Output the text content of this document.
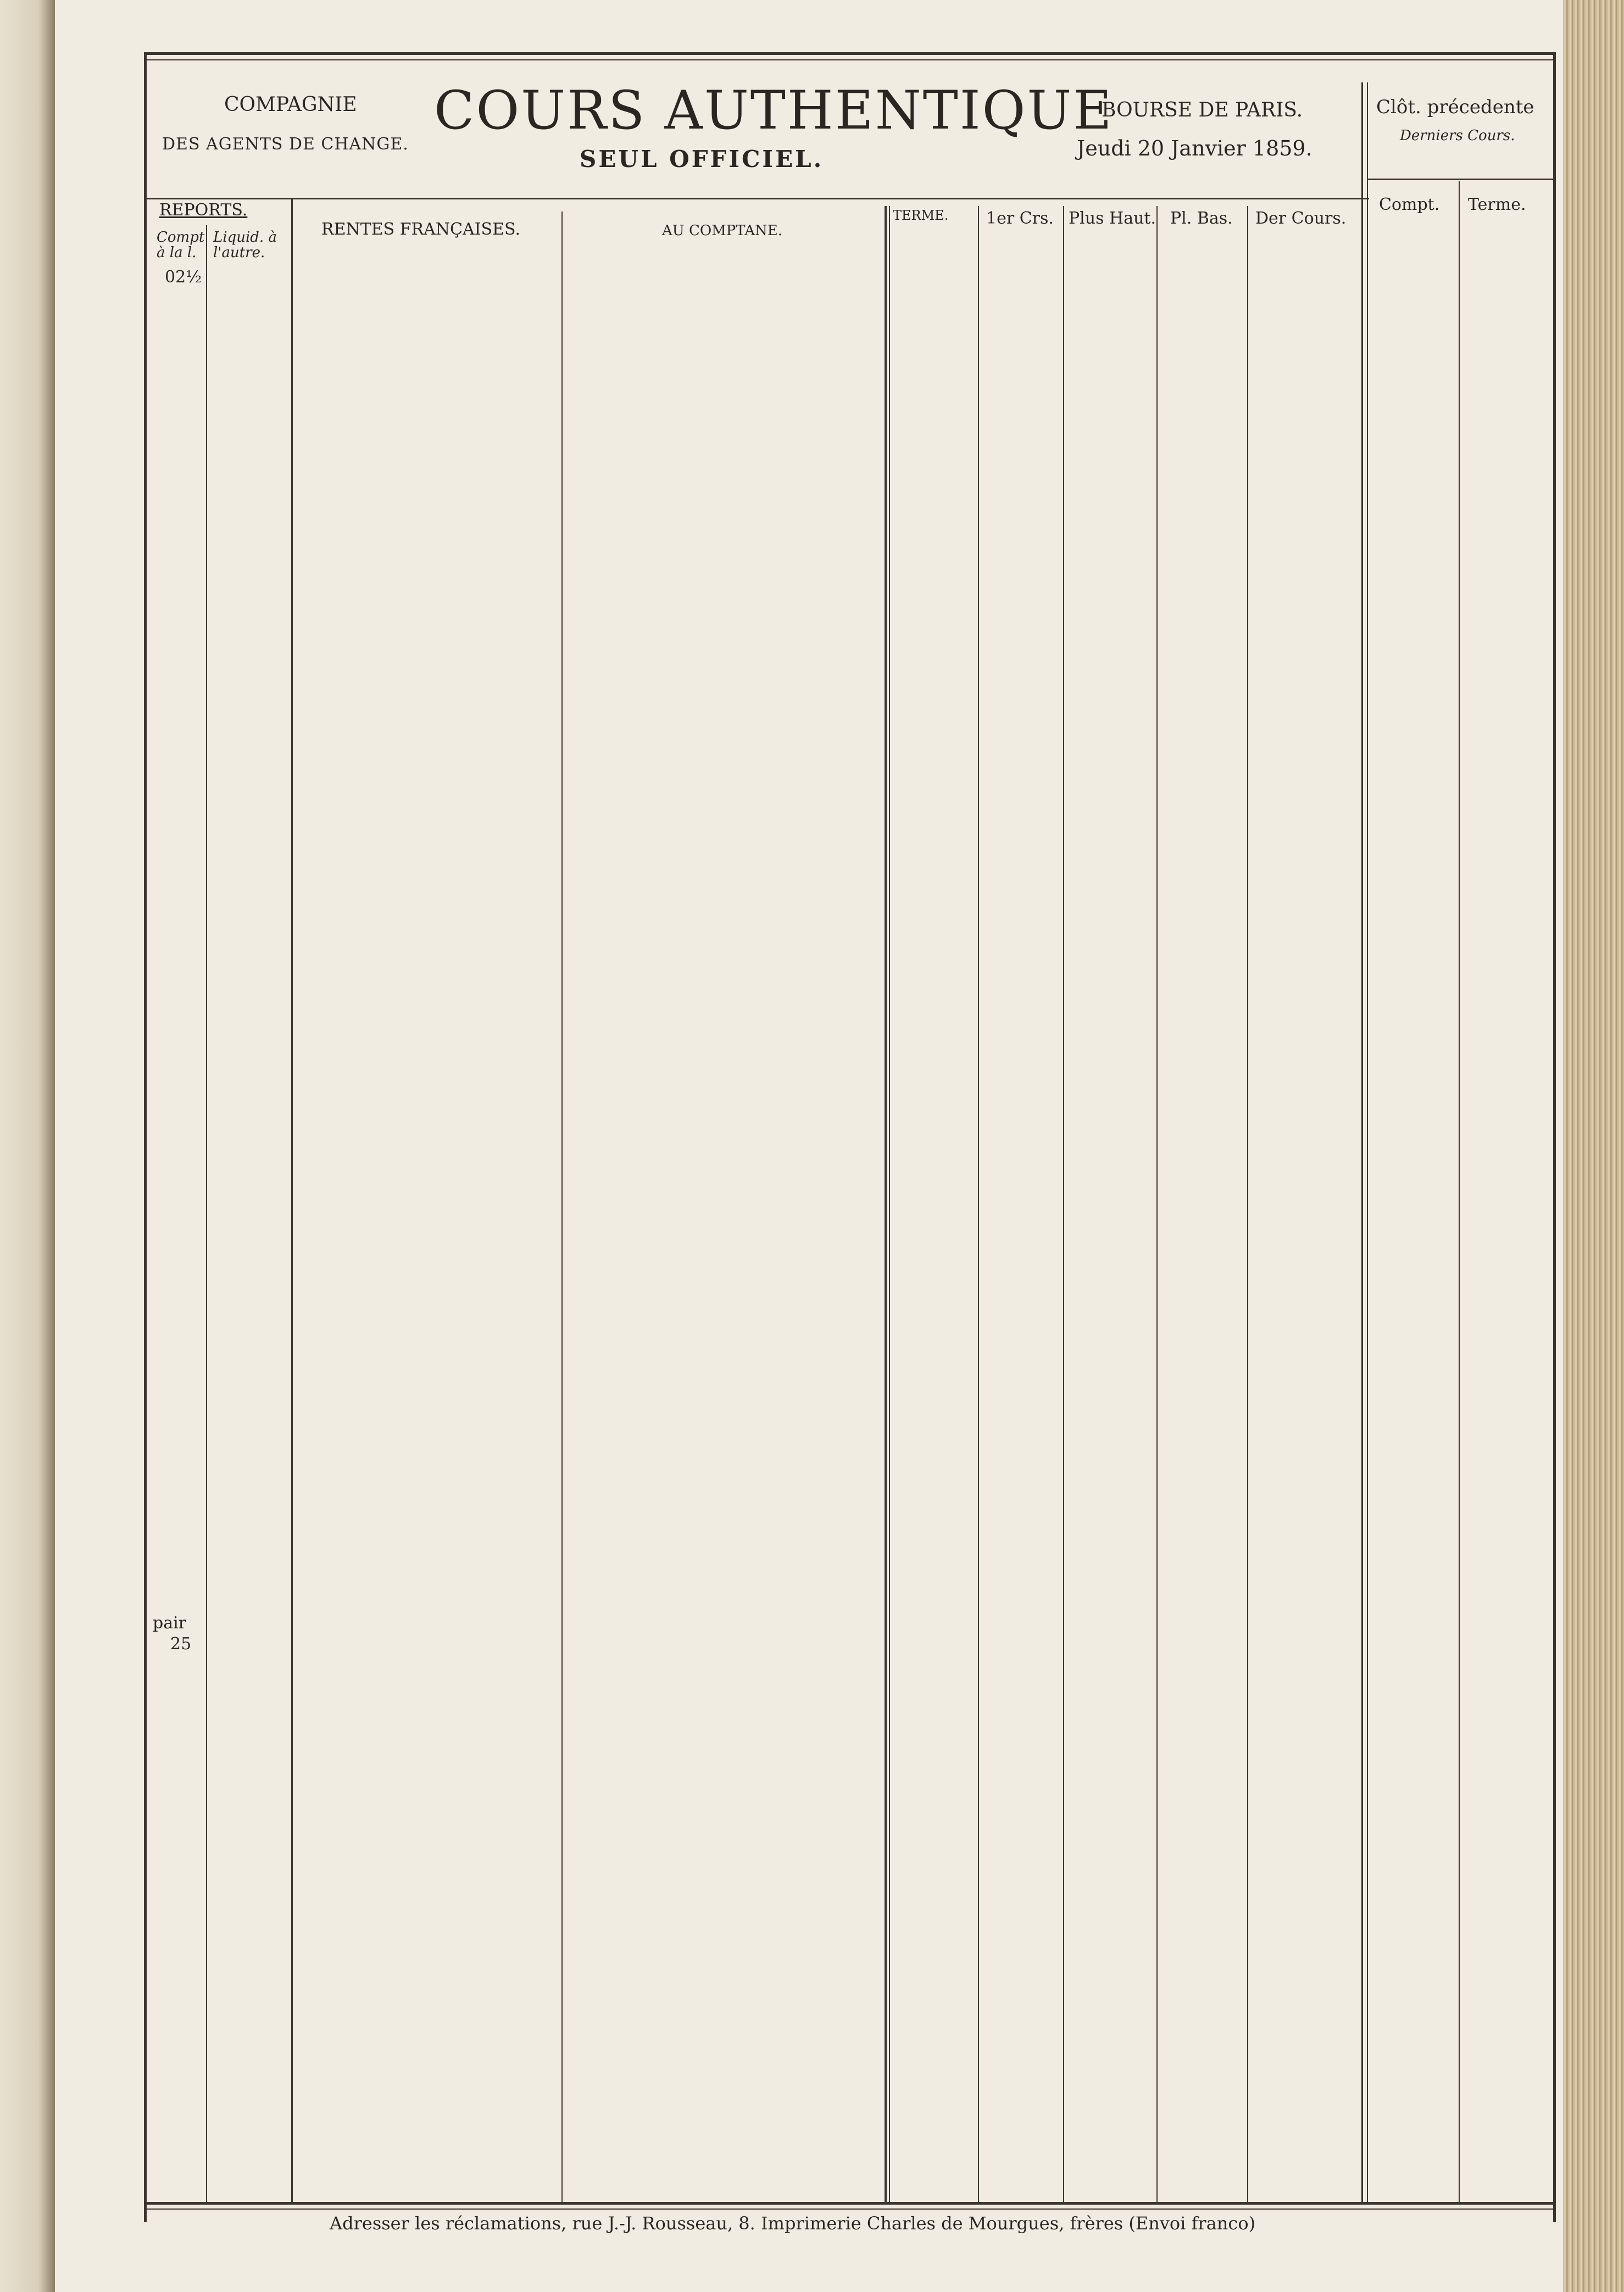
COMPAGNIE
DES AGENTS DE CHANGE.
COURS AUTHENTIQUE
SEUL OFFICIEL.
BOURSE DE PARIS.
Jeudi 20 Janvier 1859.
Clôt. précedente
Derniers Cours.
REPORTS.
Compt à la l.
Liquid. à l'autre.
RENTES FRANÇAISES.	AU COMPTANE.
TERME. 1er Crs. Plus Haut. Pl. Bas. Der Cours.
Compt. Terme.
02½
pair
25
Adresser les réclamations, rue J.-J. Rousseau, 8. Imprimerie Charles de Mourgues, frères (Envoi franco)
